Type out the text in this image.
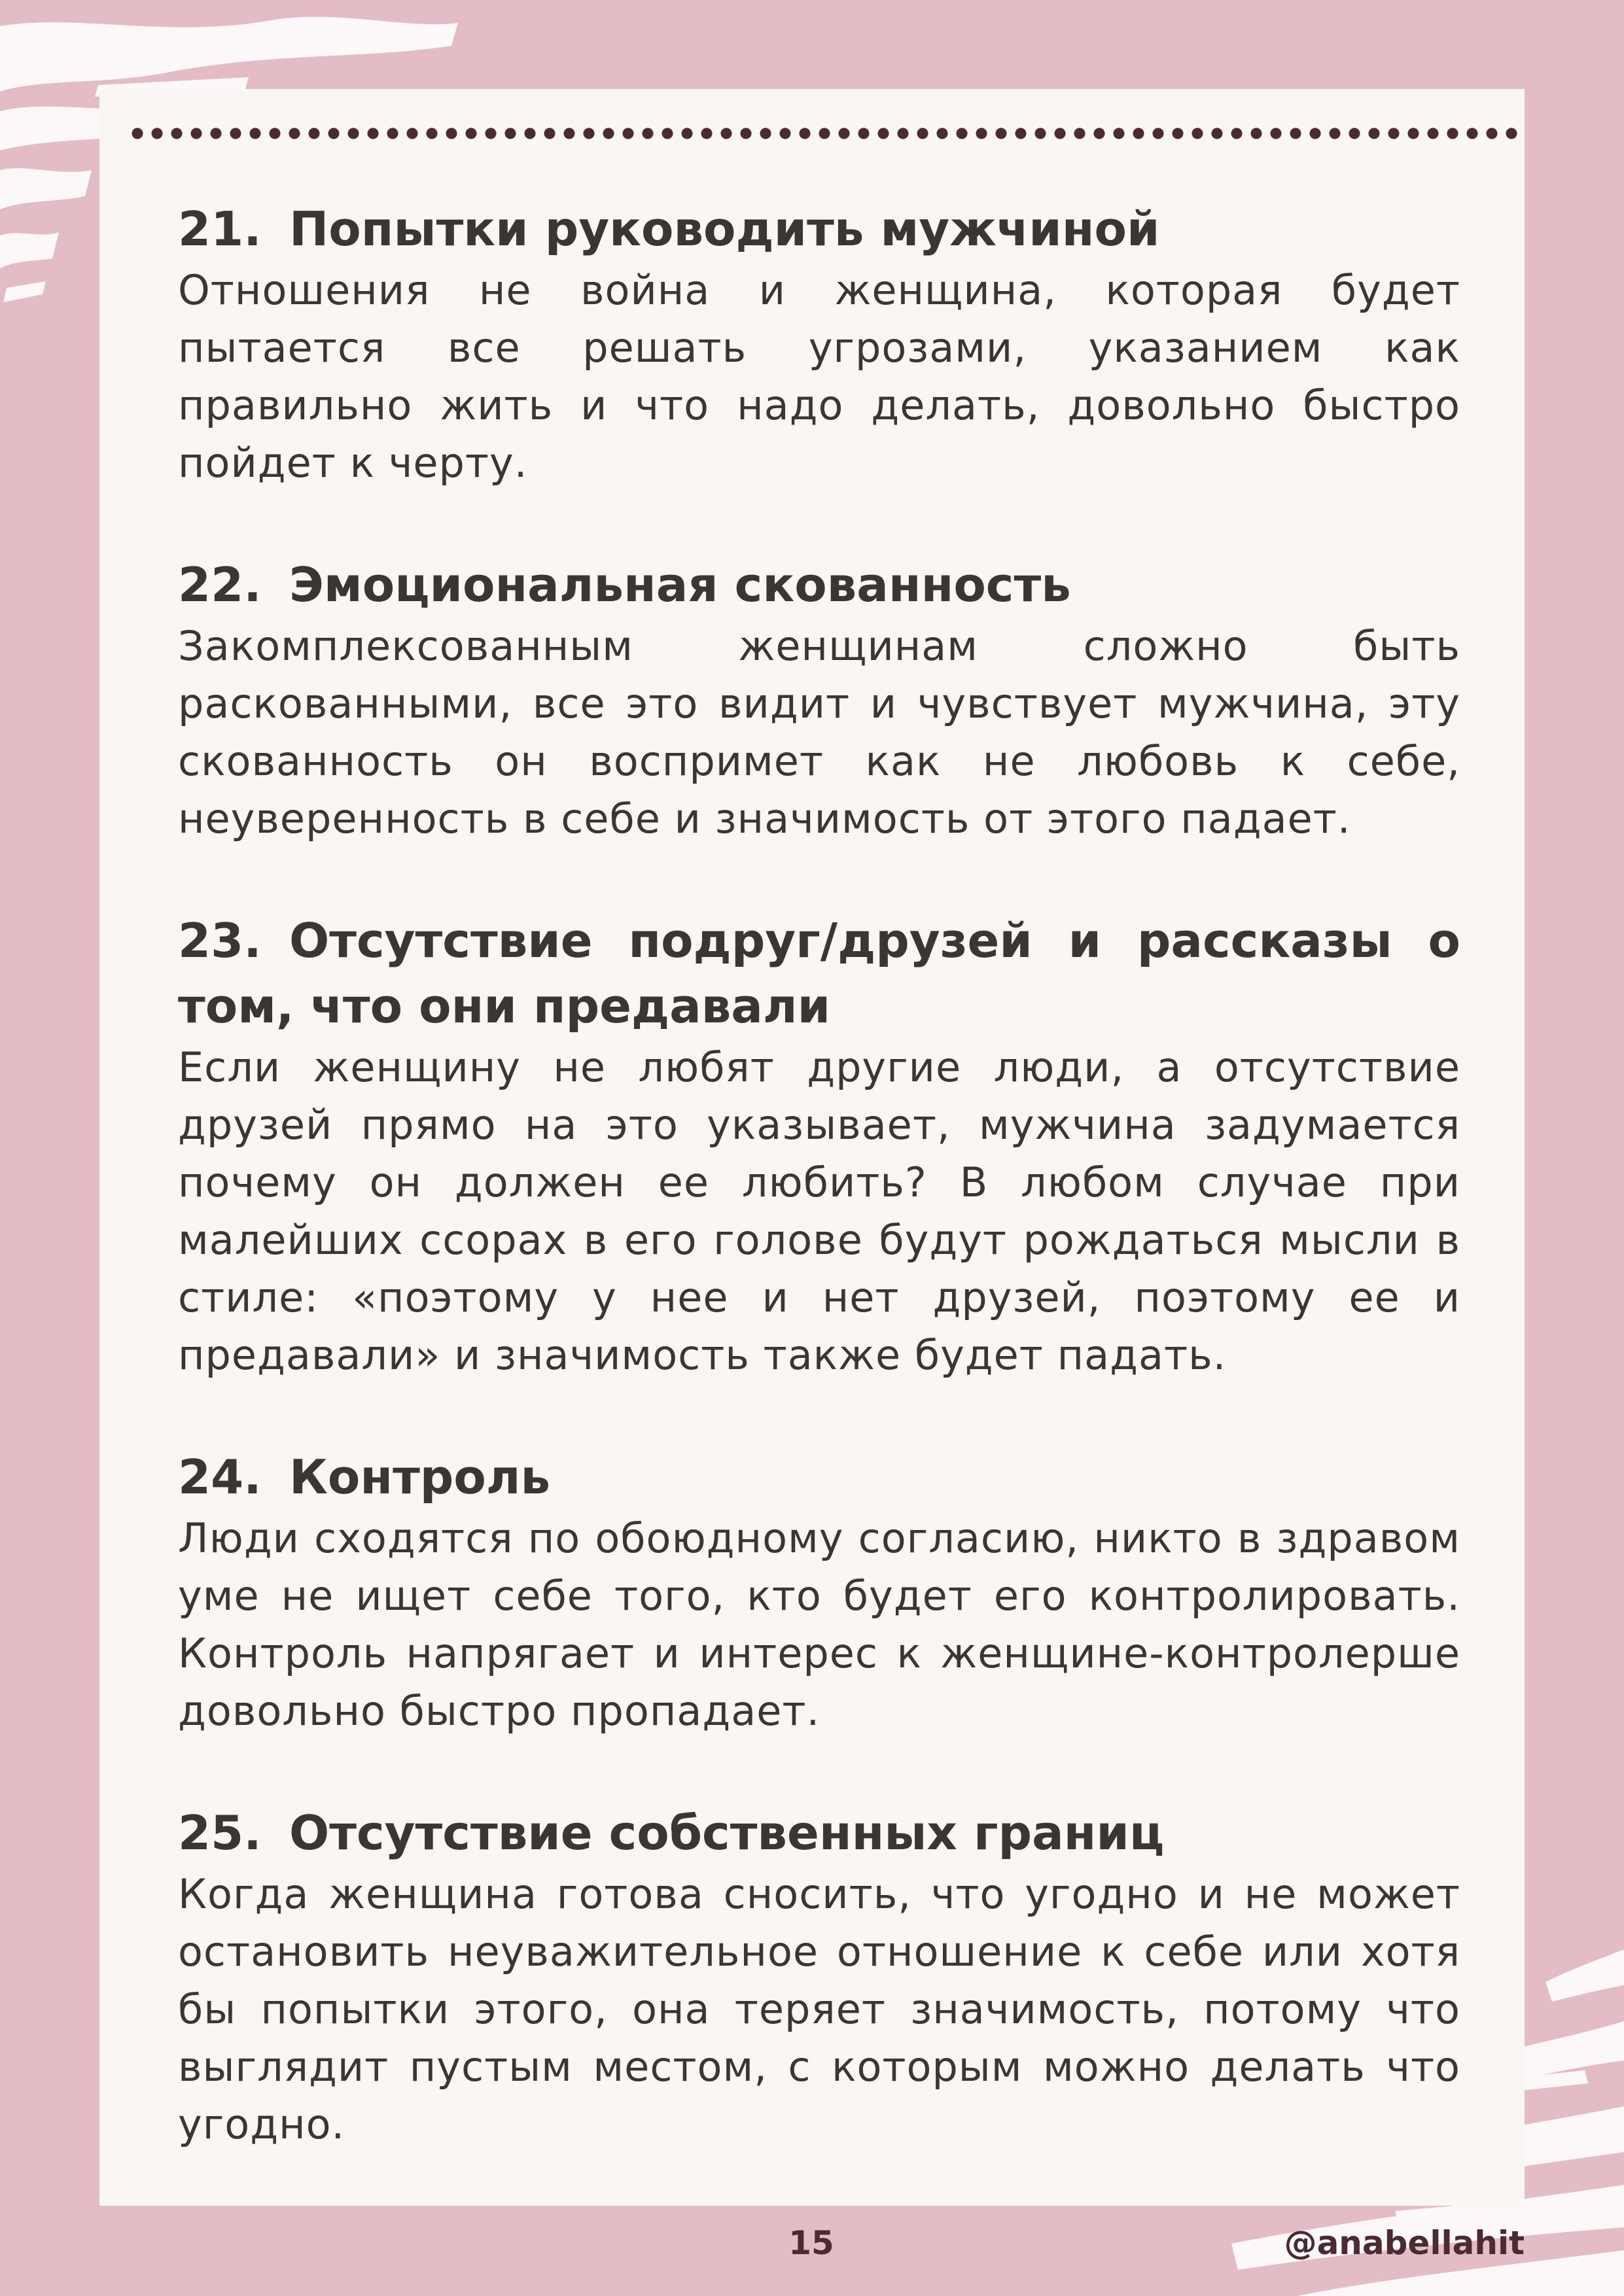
21. Попытки руководить мужчиной

Отношения не война и женщина, которая будет пытается все решать угрозами, указанием как правильно жить и что надо делать, довольно быстро пойдет к черту.

22. Эмоциональная скованность

Закомплексованным женщинам сложно быть раскованными, все это видит и чувствует мужчина, эту скованность он воспримет как не любовь к себе, неуверенность в себе и значимость от этого падает.

23. Отсутствие подруг/друзей и рассказы о том, что они предавали

Если женщину не любят другие люди, а отсутствие друзей прямо на это указывает, мужчина задумается почему он должен ее любить? В любом случае при малейших ссорах в его голове будут рождаться мысли в стиле: «поэтому у нее и нет друзей, поэтому ее и предавали» и значимость также будет падать.

24. Контроль

Люди сходятся по обоюдному согласию, никто в здравом уме не ищет себе того, кто будет его контролировать. Контроль напрягает и интерес к женщине-контролерше довольно быстро пропадает.

25. Отсутствие собственных границ

Когда женщина готова сносить, что угодно и не может остановить неуважительное отношение к себе или хотя бы попытки этого, она теряет значимость, потому что выглядит пустым местом, с которым можно делать что угодно.

15	@anabellahit
